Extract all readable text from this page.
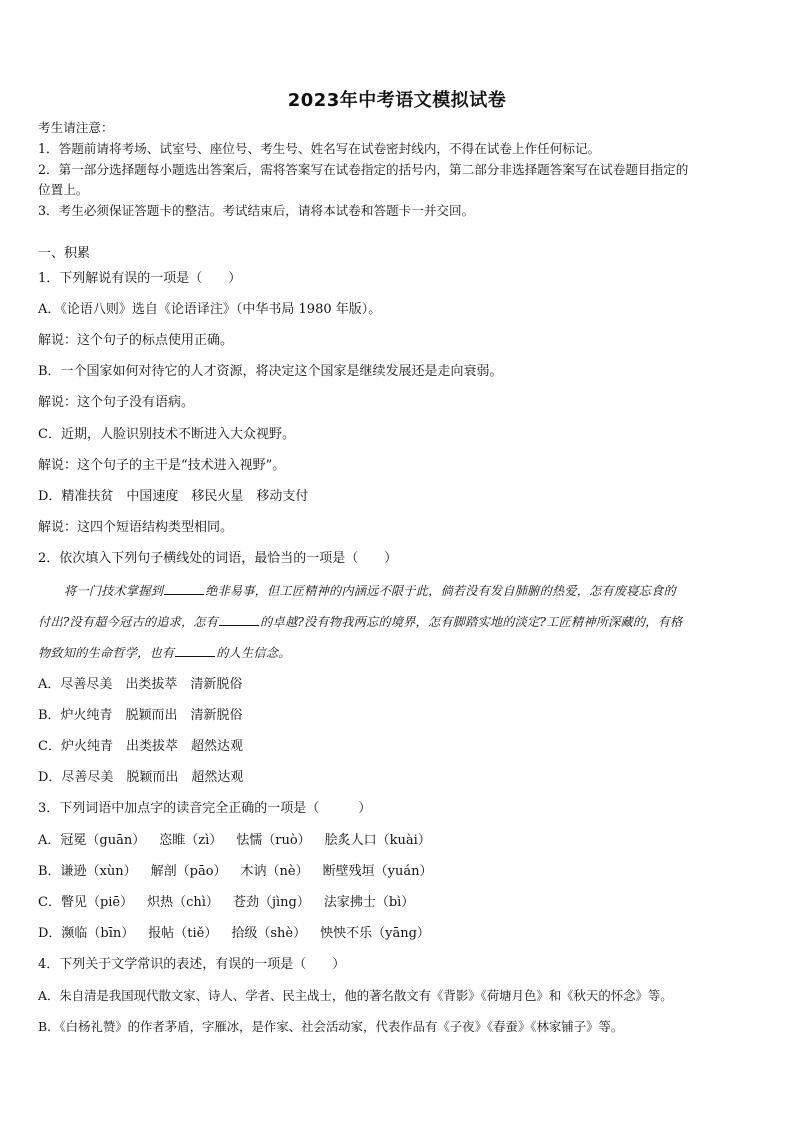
2023年中考语文模拟试卷
考生请注意：
1．答题前请将考场、试室号、座位号、考生号、姓名写在试卷密封线内，不得在试卷上作任何标记。
2．第一部分选择题每小题选出答案后，需将答案写在试卷指定的括号内，第二部分非选择题答案写在试卷题目指定的
位置上。
3．考生必须保证答题卡的整洁。考试结束后，请将本试卷和答题卡一并交回。
一、积累
1．下列解说有误的一项是（　　）
A．《论语八则》选自《论语译注》（中华书局 1980 年版）。
解说：这个句子的标点使用正确。
B．一个国家如何对待它的人才资源，将决定这个国家是继续发展还是走向衰弱。
解说：这个句子没有语病。
C．近期，人脸识别技术不断进入大众视野。
解说：这个句子的主干是“技术进入视野”。
D．精准扶贫　中国速度　移民火星　移动支付
解说：这四个短语结构类型相同。
2．依次填入下列句子横线处的词语，最恰当的一项是（　　）
将一门技术掌握到	绝非易事，但工匠精神的内涵远不限于此，倘若没有发自肺腑的热爱，怎有废寝忘食的
付出?没有超今冠古的追求，怎有	的卓越?没有物我两忘的境界，怎有脚踏实地的淡定?工匠精神所深藏的，有格
物致知的生命哲学，也有	的人生信念。
A．尽善尽美　出类拔萃　清新脱俗
B．炉火纯青　脱颖而出　清新脱俗
C．炉火纯青　出类拔萃　超然达观
D．尽善尽美　脱颖而出　超然达观
3．下列词语中加点字的读音完全正确的一项是（　　　）
A．冠冕（guān） 恣睢（zì） 怯懦（ruò） 脍炙人口（kuài）
B．谦逊（xùn） 解剖（pāo） 木讷（nè） 断壁残垣（yuán）
C．瞥见（piē） 炽热（chì） 苍劲（jìng） 法家拂士（bì）
D．濒临（bīn） 报帖（tiě） 拾级（shè） 怏怏不乐（yāng）
4．下列关于文学常识的表述，有误的一项是（　　）
A．朱自清是我国现代散文家、诗人、学者、民主战士，他的著名散文有《背影》《荷塘月色》和《秋天的怀念》等。
B．《白杨礼赞》的作者茅盾，字雁冰，是作家、社会活动家，代表作品有《子夜》《春蚕》《林家铺子》等。
